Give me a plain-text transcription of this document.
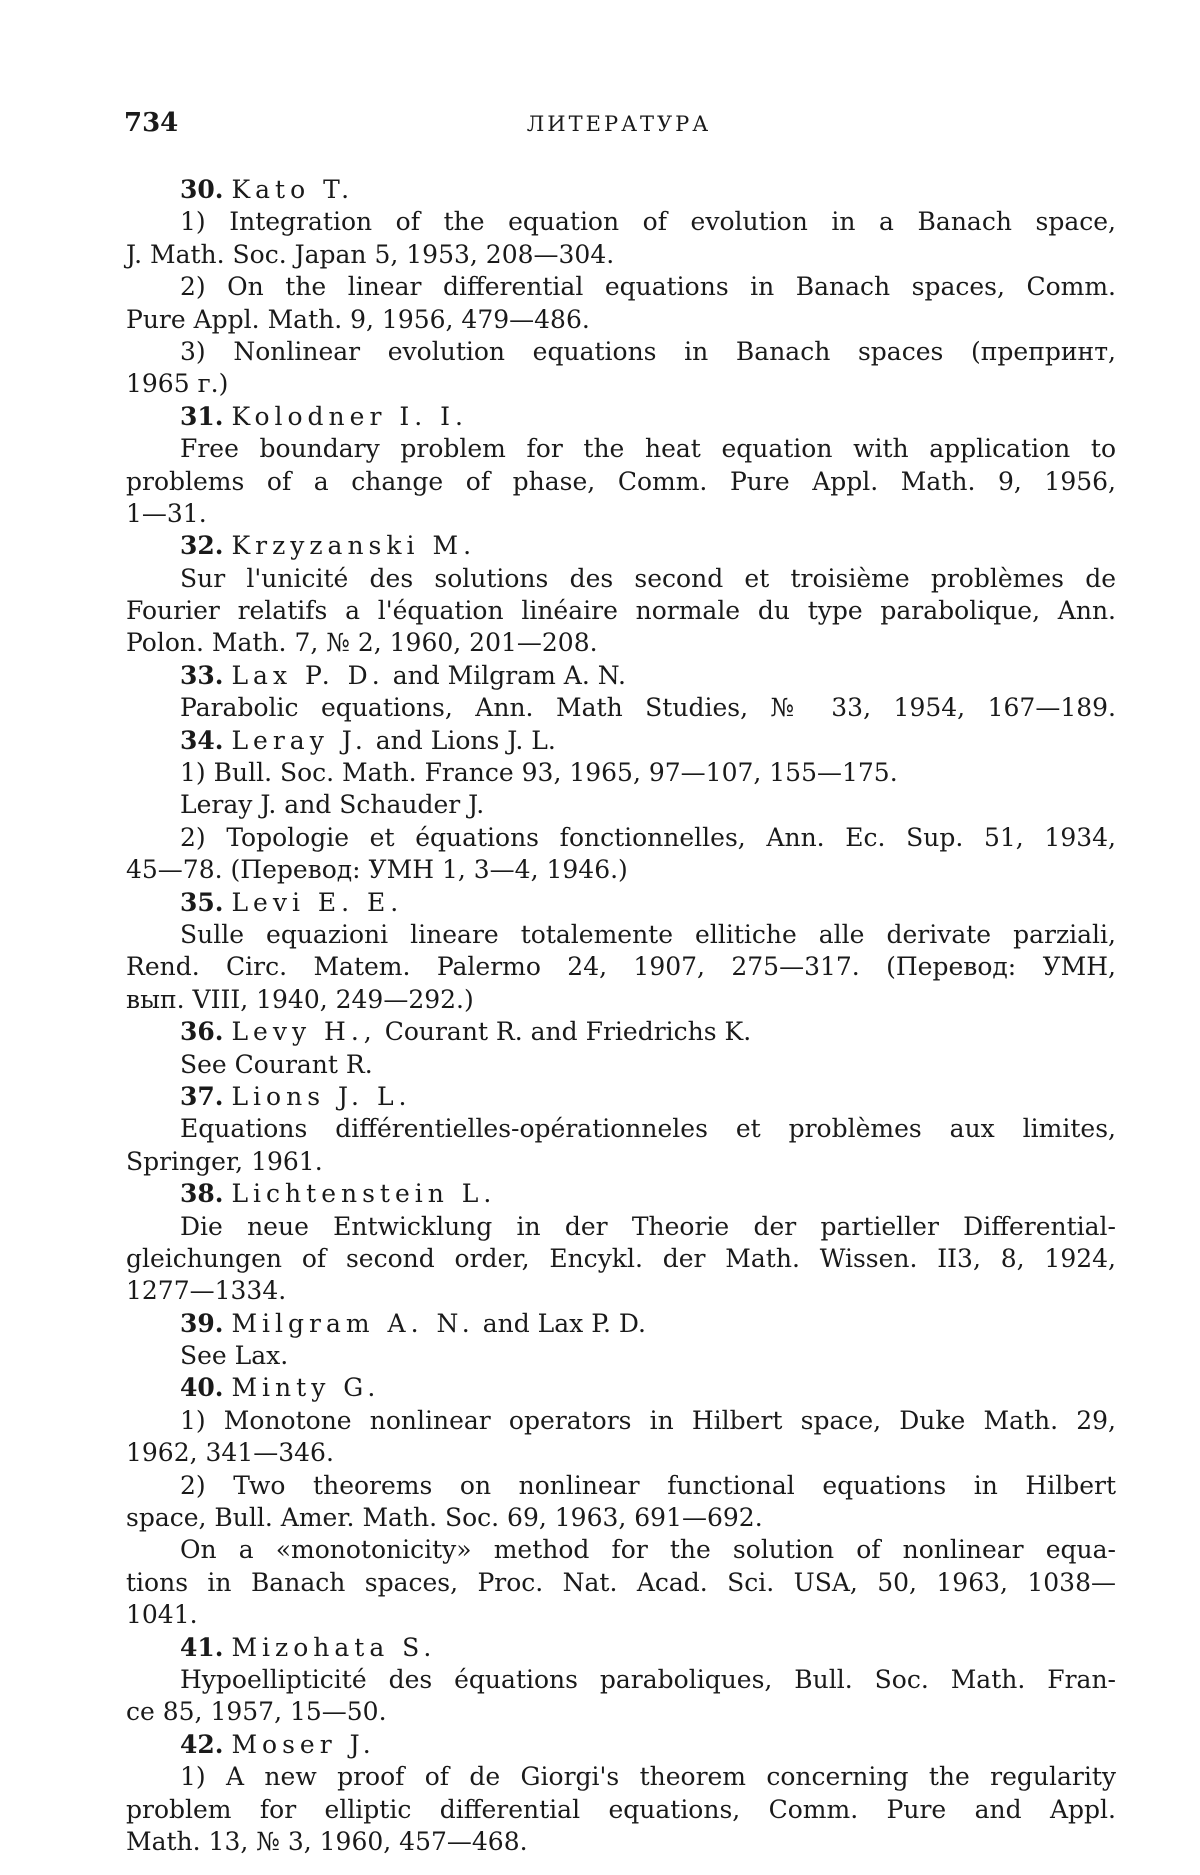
734	ЛИТЕРАТУРА
30. Kato T.
1) Integration of the equation of evolution in a Banach space,
J. Math. Soc. Japan 5, 1953, 208—304.
2) On the linear differential equations in Banach spaces, Comm.
Pure Appl. Math. 9, 1956, 479—486.
3) Nonlinear evolution equations in Banach spaces (препринт,
1965 г.)
31. Kolodner I. I.
Free boundary problem for the heat equation with application to
problems of a change of phase, Comm. Pure Appl. Math. 9, 1956,
1—31.
32. Krzyzanski M.
Sur l'unicité des solutions des second et troisième problèmes de
Fourier relatifs a l'équation linéaire normale du type parabolique, Ann.
Polon. Math. 7, № 2, 1960, 201—208.
33. Lax P. D. and Milgram A. N.
Parabolic equations, Ann. Math Studies, № 33, 1954, 167—189.
34. Leray J. and Lions J. L.
1) Bull. Soc. Math. France 93, 1965, 97—107, 155—175.
Leray J. and Schauder J.
2) Topologie et équations fonctionnelles, Ann. Ec. Sup. 51, 1934,
45—78. (Перевод: УМН 1, 3—4, 1946.)
35. Levi E. E.
Sulle equazioni lineare totalemente ellitiche alle derivate parziali,
Rend. Circ. Matem. Palermo 24, 1907, 275—317. (Перевод: УМН,
вып. VIII, 1940, 249—292.)
36. Levy H., Courant R. and Friedrichs K.
See Courant R.
37. Lions J. L.
Equations différentielles-opérationneles et problèmes aux limites,
Springer, 1961.
38. Lichtenstein L.
Die neue Entwicklung in der Theorie der partieller Differential-
gleichungen of second order, Encykl. der Math. Wissen. II3, 8, 1924,
1277—1334.
39. Milgram A. N. and Lax P. D.
See Lax.
40. Minty G.
1) Monotone nonlinear operators in Hilbert space, Duke Math. 29,
1962, 341—346.
2) Two theorems on nonlinear functional equations in Hilbert
space, Bull. Amer. Math. Soc. 69, 1963, 691—692.
On a «monotonicity» method for the solution of nonlinear equa-
tions in Banach spaces, Proc. Nat. Acad. Sci. USA, 50, 1963, 1038—
1041.
41. Mizohata S.
Hypoellipticité des équations paraboliques, Bull. Soc. Math. Fran-
ce 85, 1957, 15—50.
42. Moser J.
1) A new proof of de Giorgi's theorem concerning the regularity
problem for elliptic differential equations, Comm. Pure and Appl.
Math. 13, № 3, 1960, 457—468.
